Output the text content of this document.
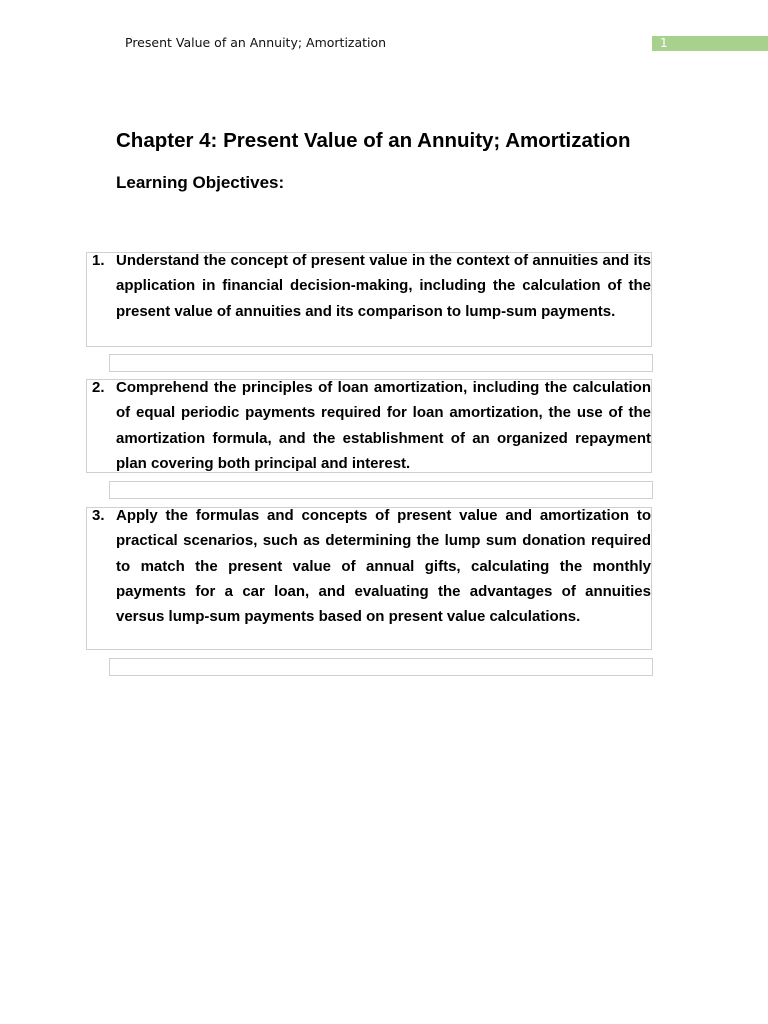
Present Value of an Annuity; Amortization	1
Chapter 4: Present Value of an Annuity; Amortization
Learning Objectives:
1. Understand the concept of present value in the context of annuities and its application in financial decision-making, including the calculation of the present value of annuities and its comparison to lump-sum payments.

2. Comprehend the principles of loan amortization, including the calculation of equal periodic payments required for loan amortization, the use of the amortization formula, and the establishment of an organized repayment plan covering both principal and interest.

3. Apply the formulas and concepts of present value and amortization to practical scenarios, such as determining the lump sum donation required to match the present value of annual gifts, calculating the monthly payments for a car loan, and evaluating the advantages of annuities versus lump-sum payments based on present value calculations.
